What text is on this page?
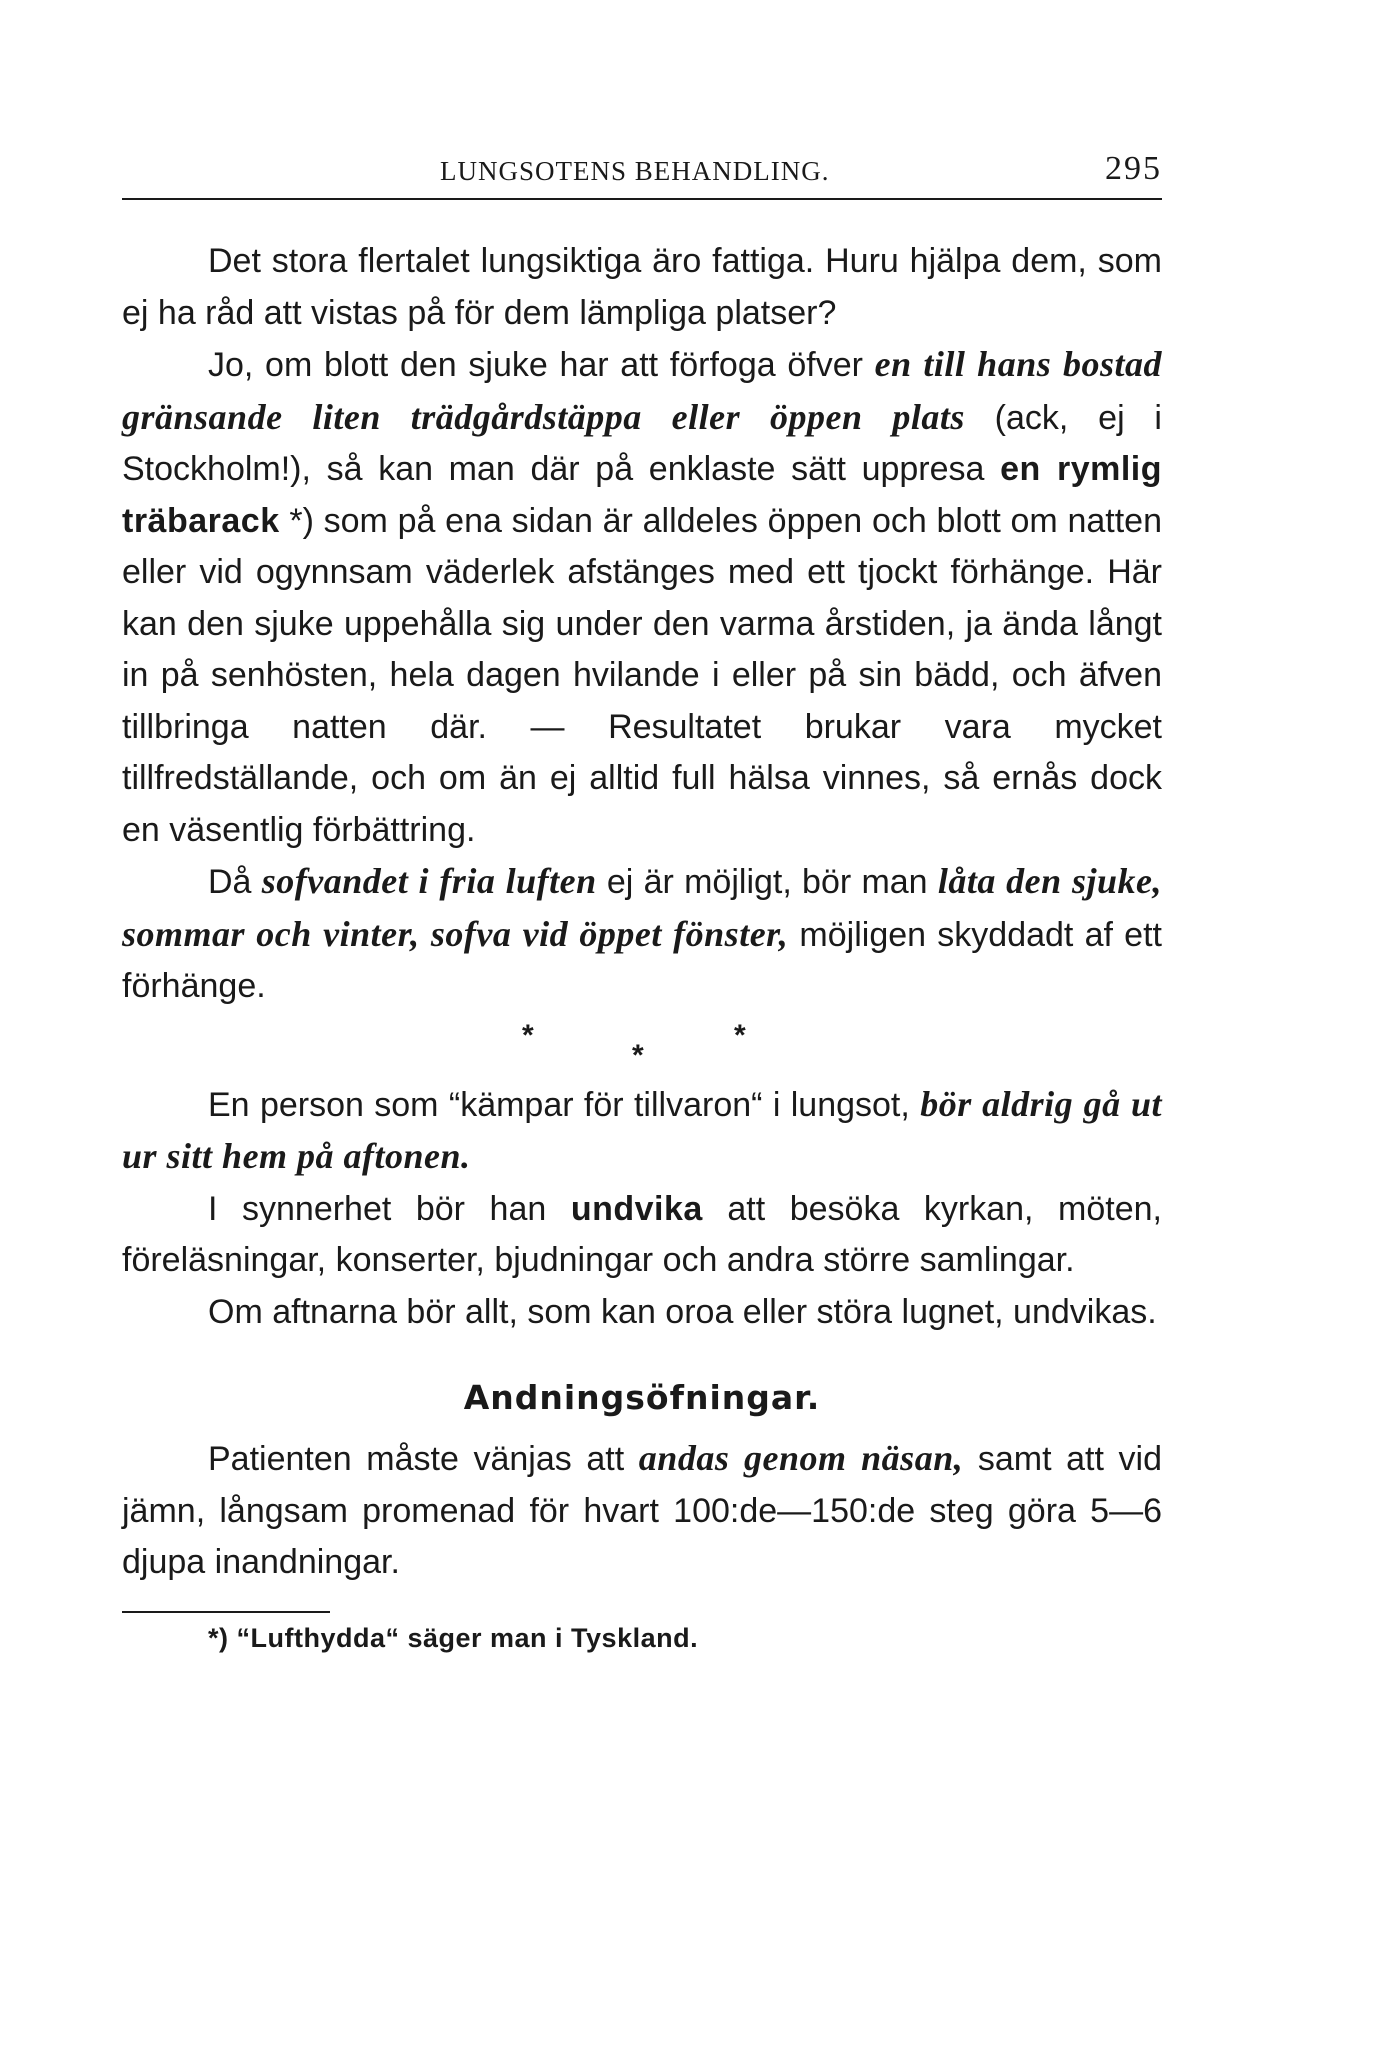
LUNGSOTENS BEHANDLING.	295

Det stora flertalet lungsiktiga äro fattiga. Huru hjälpa dem, som ej ha råd att vistas på för dem lämpliga platser?

Jo, om blott den sjuke har att förfoga öfver en till hans bostad gränsande liten trädgårdstäppa eller öppen plats (ack, ej i Stockholm!), så kan man där på enklaste sätt uppresa en rymlig träbarack *) som på ena sidan är alldeles öppen och blott om natten eller vid ogynnsam väderlek afstänges med ett tjockt förhänge. Här kan den sjuke uppehålla sig under den varma årstiden, ja ända långt in på senhösten, hela dagen hvilande i eller på sin bädd, och äfven tillbringa natten där. — Resultatet brukar vara mycket tillfredställande, och om än ej alltid full hälsa vinnes, så ernås dock en väsentlig förbättring.

Då sofvandet i fria luften ej är möjligt, bör man låta den sjuke, sommar och vinter, sofva vid öppet fönster, möjligen skyddadt af ett förhänge.

*
*
*

En person som “kämpar för tillvaron“ i lungsot, bör aldrig gå ut ur sitt hem på aftonen.

I synnerhet bör han undvika att besöka kyrkan, möten, föreläsningar, konserter, bjudningar och andra större samlingar.

Om aftnarna bör allt, som kan oroa eller störa lugnet, undvikas.

Andningsöfningar.

Patienten måste vänjas att andas genom näsan, samt att vid jämn, långsam promenad för hvart 100:de—150:de steg göra 5—6 djupa inandningar.

*) “Lufthydda“ säger man i Tyskland.
